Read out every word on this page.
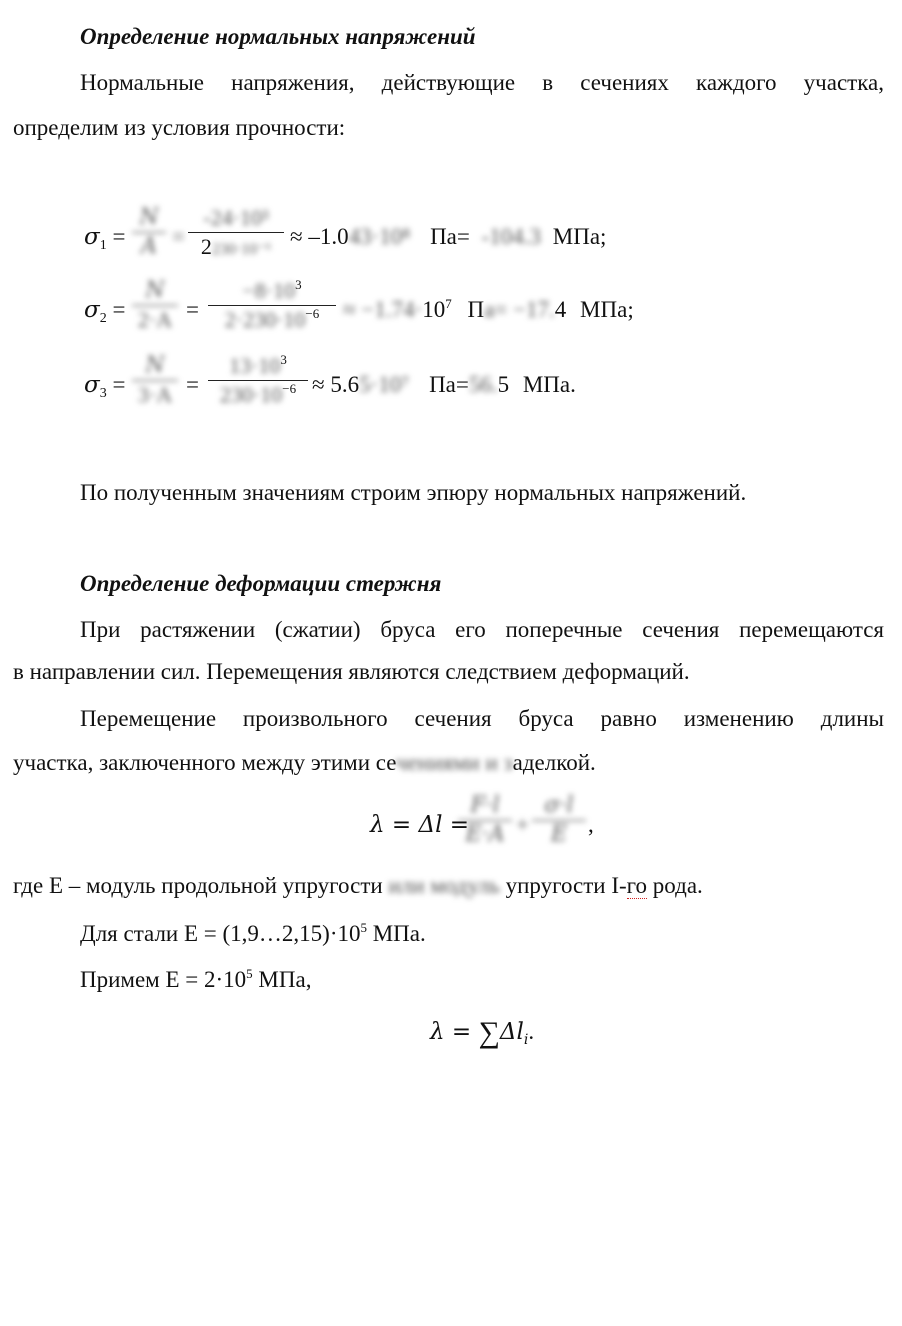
Определение нормальных напряжений
Нормальные напряжения, действующие в сечениях каждого участка,
определим из условия прочности:
$\sigma_1$ =
N
A =
-24·10³
2230·10⁻⁶
≈ –1.043·10⁸ Па= -104.3 МПа;
$\sigma_2$ =
N
2·A =
$-8\cdot 10^3$
$2\cdot 230\cdot 10^{-6}$	≈ $-1.74\cdot 10^7$ Па= −17.4 МПа;
$\sigma_3$ =
N
3·A =
$13\cdot 10^3$
$230\cdot 10^{-6} \approx 5.65\cdot 10^7$ Па=56.5 МПа.
По полученным значениям строим эпюру нормальных напряжений.
Определение деформации стержня
При растяжении (сжатии) бруса его поперечные сечения перемещаются
в направлении сил. Перемещения являются следствием деформаций.
Перемещение произвольного сечения бруса равно изменению длины
участка, заключенного между этими сечениями и заделкой.
λ = Δl =
F·l
E·A +
σ·l
E ,
где E – модуль продольной упругости или модуль упругости I-го рода.
Для стали $E = (1,9\dots 2,15)\cdot 10^5$ МПа.
Примем $E = 2\cdot 10^5$ МПа,
$\lambda = \sum\Delta l_i$.
